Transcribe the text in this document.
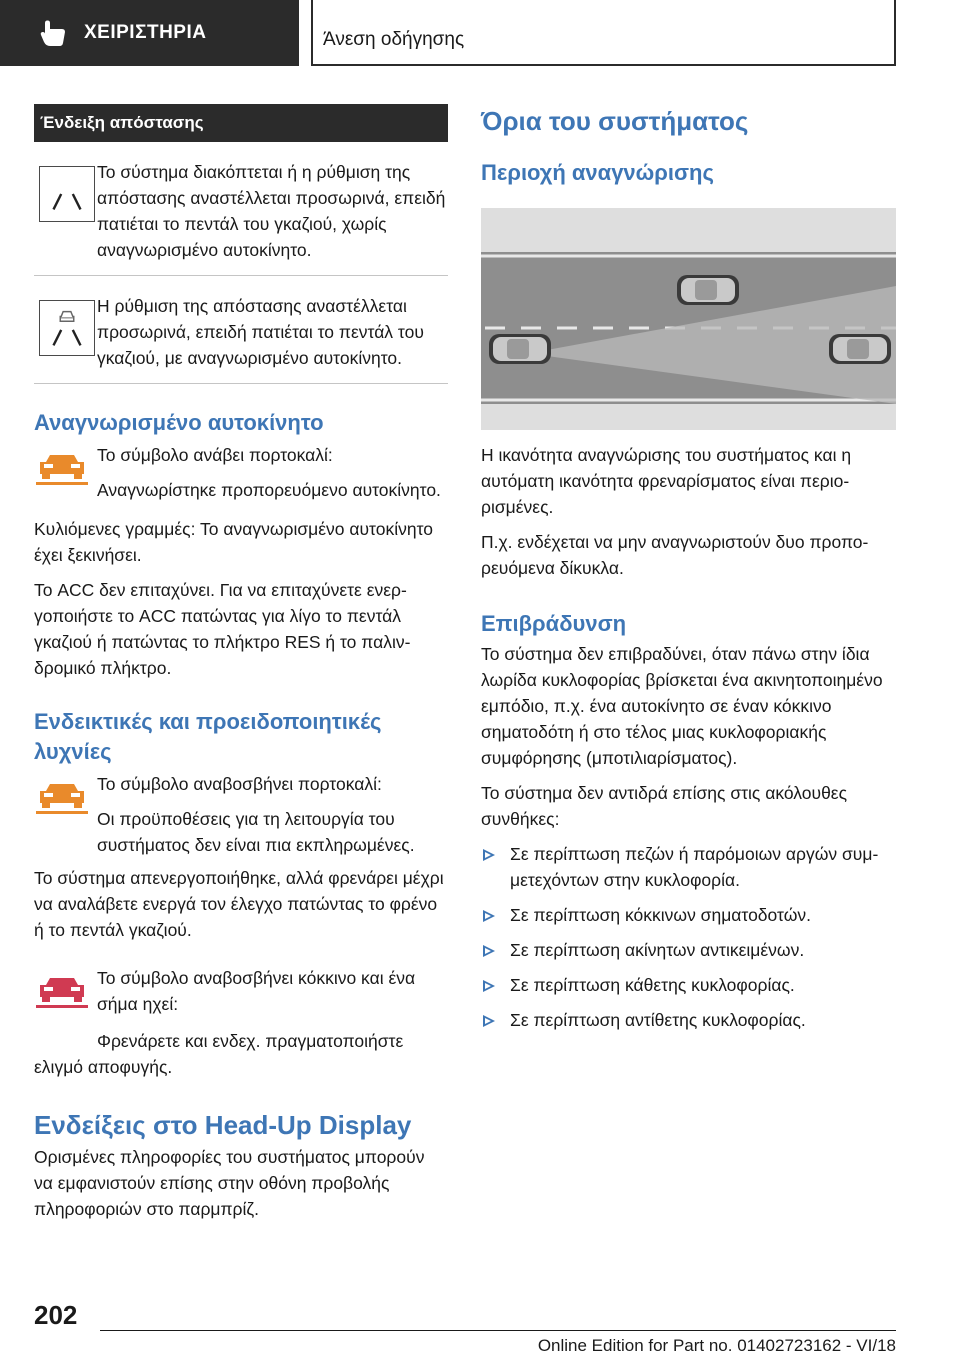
ΧΕΙΡΙΣΤΗΡΙΑ	Άνεση οδήγησης
Ένδειξη απόστασης
Το σύστημα διακόπτεται ή η ρύθμιση της απόστασης αναστέλλεται προσωρινά, επειδή πατιέται το πεντάλ του γκαζιού, χωρίς αναγνωρισμένο αυτοκίνητο.
Η ρύθμιση της απόστασης αναστέλλεται προσωρινά, επειδή πατιέται το πεντάλ του γκαζιού, με αναγνωρισμένο αυτοκίνητο.
Αναγνωρισμένο αυτοκίνητο

Το σύμβολο ανάβει πορτοκαλί:

Αναγνωρίστηκε προπορευόμενο αυτοκίνητο.

Κυλιόμενες γραμμές: Το αναγνωρισμένο αυτοκίνητο έχει ξεκινήσει.

Το ACC δεν επιταχύνει. Για να επιταχύνετε ενεργοποιήστε το ACC πατώντας για λίγο το πεντάλ γκαζιού ή πατώντας το πλήκτρο RES ή το παλινδρομικό πλήκτρο.

Ενδεικτικές και προειδοποιητικές λυχνίες

Το σύμβολο αναβοσβήνει πορτοκαλί:

Οι προϋποθέσεις για τη λειτουργία του συστήματος δεν είναι πια εκπληρωμένες.

Το σύστημα απενεργοποιήθηκε, αλλά φρενάρει μέχρι να αναλάβετε ενεργά τον έλεγχο πατώντας το φρένο ή το πεντάλ γκαζιού.

Το σύμβολο αναβοσβήνει κόκκινο και ένα σήμα ηχεί:

Φρενάρετε και ενδεχ. πραγματοποιήστε ελιγμό αποφυγής.

Ενδείξεις στο Head-Up Display

Ορισμένες πληροφορίες του συστήματος μπορούν να εμφανιστούν επίσης στην οθόνη προβολής πληροφοριών στο παρμπρίζ.

Όρια του συστήματος
Περιοχή αναγνώρισης

Η ικανότητα αναγνώρισης του συστήματος και η αυτόματη ικανότητα φρεναρίσματος είναι περιορισμένες.

Π.χ. ενδέχεται να μην αναγνωριστούν δυο προπορευόμενα δίκυκλα.

Επιβράδυνση

Το σύστημα δεν επιβραδύνει, όταν πάνω στην ίδια λωρίδα κυκλοφορίας βρίσκεται ένα ακινητοποιημένο εμπόδιο, π.χ. ένα αυτοκίνητο σε έναν κόκκινο σηματοδότη ή στο τέλος μιας κυκλοφοριακής συμφόρησης (μποτιλιαρίσματος).

Το σύστημα δεν αντιδρά επίσης στις ακόλουθες συνθήκες:

Σε περίπτωση πεζών ή παρόμοιων αργών συμμετεχόντων στην κυκλοφορία.
Σε περίπτωση κόκκινων σηματοδοτών.
Σε περίπτωση ακίνητων αντικειμένων.
Σε περίπτωση κάθετης κυκλοφορίας.
Σε περίπτωση αντίθετης κυκλοφορίας.
202
Online Edition for Part no. 01402723162 - VI/18
